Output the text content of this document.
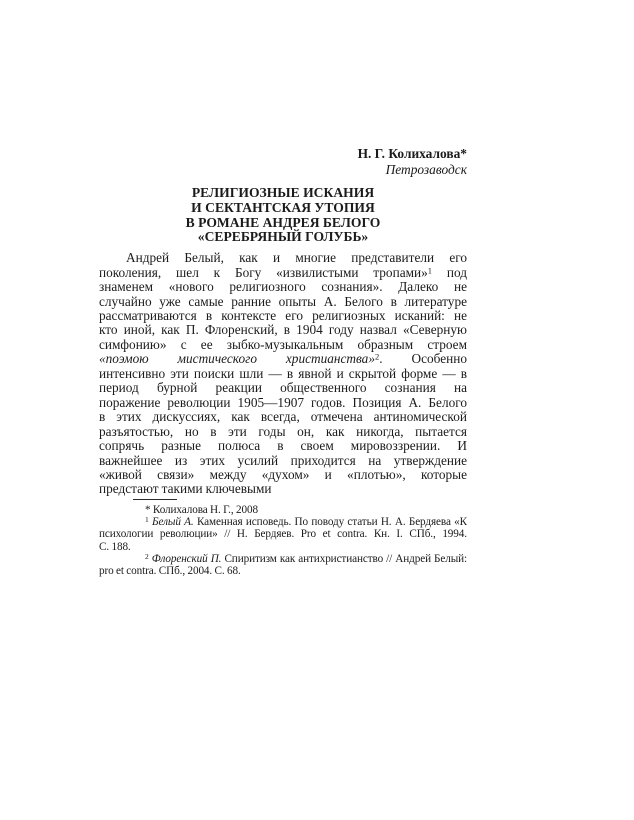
Н. Г. Колихалова*
Петрозаводск
РЕЛИГИОЗНЫЕ ИСКАНИЯ
И СЕКТАНТСКАЯ УТОПИЯ
В РОМАНЕ АНДРЕЯ БЕЛОГО
«СЕРЕБРЯНЫЙ ГОЛУБЬ»
Андрей Белый, как и многие представители его
поколения, шел к Богу «извилистыми тропами»$^1$ под
знаменем «нового религиозного сознания». Далеко не
случайно уже самые ранние опыты А. Белого в литературе
рассматриваются в контексте его религиозных исканий: не
кто иной, как П. Флоренский, в 1904 году назвал «Северную
симфонию» с ее зыбко-музыкальным образным строем
«поэмою мистического христианства»$^2$. Особенно
интенсивно эти поиски шли — в явной и скрытой форме — в
период бурной реакции общественного сознания на
поражение революции 1905—1907 годов. Позиция А. Белого
в этих дискуссиях, как всегда, отмечена антиномической
разъятостью, но в эти годы он, как никогда, пытается
сопрячь разные полюса в своем мировоззрении. И
важнейшее из этих усилий приходится на утверждение
«живой связи» между «духом» и «плотью», которые
предстают такими ключевыми
* Колихалова Н. Г., 2008
$^1$ Белый А. Каменная исповедь. По поводу статьи Н. А. Бердяева «К
психологии революции» // Н. Бердяев. Pro et contra. Кн. I. СПб., 1994.
С. 188.
$^2$ Флоренский П. Спиритизм как антихристианство // Андрей Белый:
pro et contra. СПб., 2004. С. 68.
